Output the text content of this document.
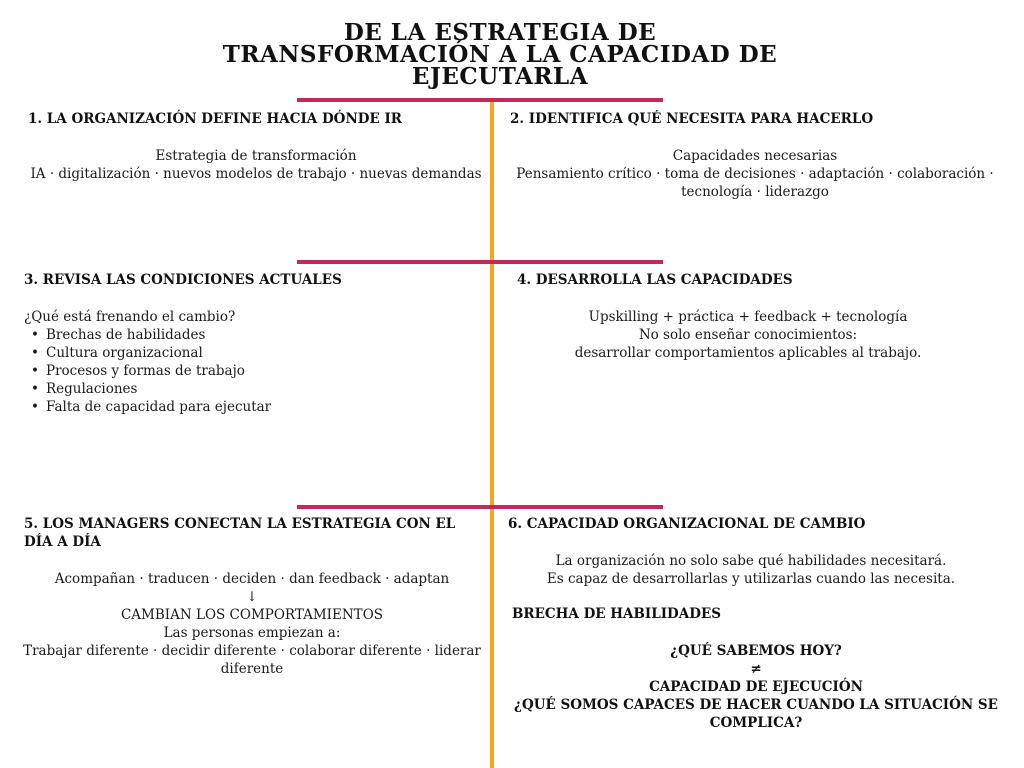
DE LA ESTRATEGIA DE
TRANSFORMACIÓN A LA CAPACIDAD DE
EJECUTARLA
1. LA ORGANIZACIÓN DEFINE HACIA DÓNDE IR
Estrategia de transformación
IA · digitalización · nuevos modelos de trabajo · nuevas demandas
2. IDENTIFICA QUÉ NECESITA PARA HACERLO
Capacidades necesarias
Pensamiento crítico · toma de decisiones · adaptación · colaboración ·
tecnología · liderazgo
3. REVISA LAS CONDICIONES ACTUALES
¿Qué está frenando el cambio?
• Brechas de habilidades
• Cultura organizacional
• Procesos y formas de trabajo
• Regulaciones
• Falta de capacidad para ejecutar
4. DESARROLLA LAS CAPACIDADES
Upskilling + práctica + feedback + tecnología
No solo enseñar conocimientos:
desarrollar comportamientos aplicables al trabajo.
5. LOS MANAGERS CONECTAN LA ESTRATEGIA CON EL
DÍA A DÍA
Acompañan · traducen · deciden · dan feedback · adaptan
↓
CAMBIAN LOS COMPORTAMIENTOS
Las personas empiezan a:
Trabajar diferente · decidir diferente · colaborar diferente · liderar
diferente
6. CAPACIDAD ORGANIZACIONAL DE CAMBIO
La organización no solo sabe qué habilidades necesitará.
Es capaz de desarrollarlas y utilizarlas cuando las necesita.
BRECHA DE HABILIDADES
¿QUÉ SABEMOS HOY?
≠
CAPACIDAD DE EJECUCIÓN
¿QUÉ SOMOS CAPACES DE HACER CUANDO LA SITUACIÓN SE
COMPLICA?
